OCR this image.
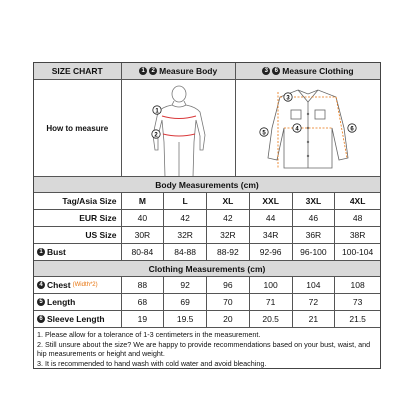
SIZE CHART	1	2 Measure Body	3	6 Measure Clothing
How to measure
1
2
3
4
5
6
Body Measurements (cm)
Tag/Asia Size	M	L	XL	XXL	3XL	4XL
EUR Size	40	42	42	44	46	48
US Size	30R	32R	32R	34R	36R	38R
1 Bust	80-84	84-88	88-92	92-96	96-100	100-104
Clothing Measurements (cm)
4 Chest (Width*2)	88	92	96	100	104	108
5 Length	68	69	70	71	72	73
6 Sleeve Length	19	19.5	20	20.5	21	21.5
1. Please allow for a tolerance of 1-3 centimeters in the measurement.
2. Still unsure about the size? We are happy to provide recommendations based on your bust, waist, and hip measurements or height and weight.
3. It is recommended to hand wash with cold water and avoid bleaching.
